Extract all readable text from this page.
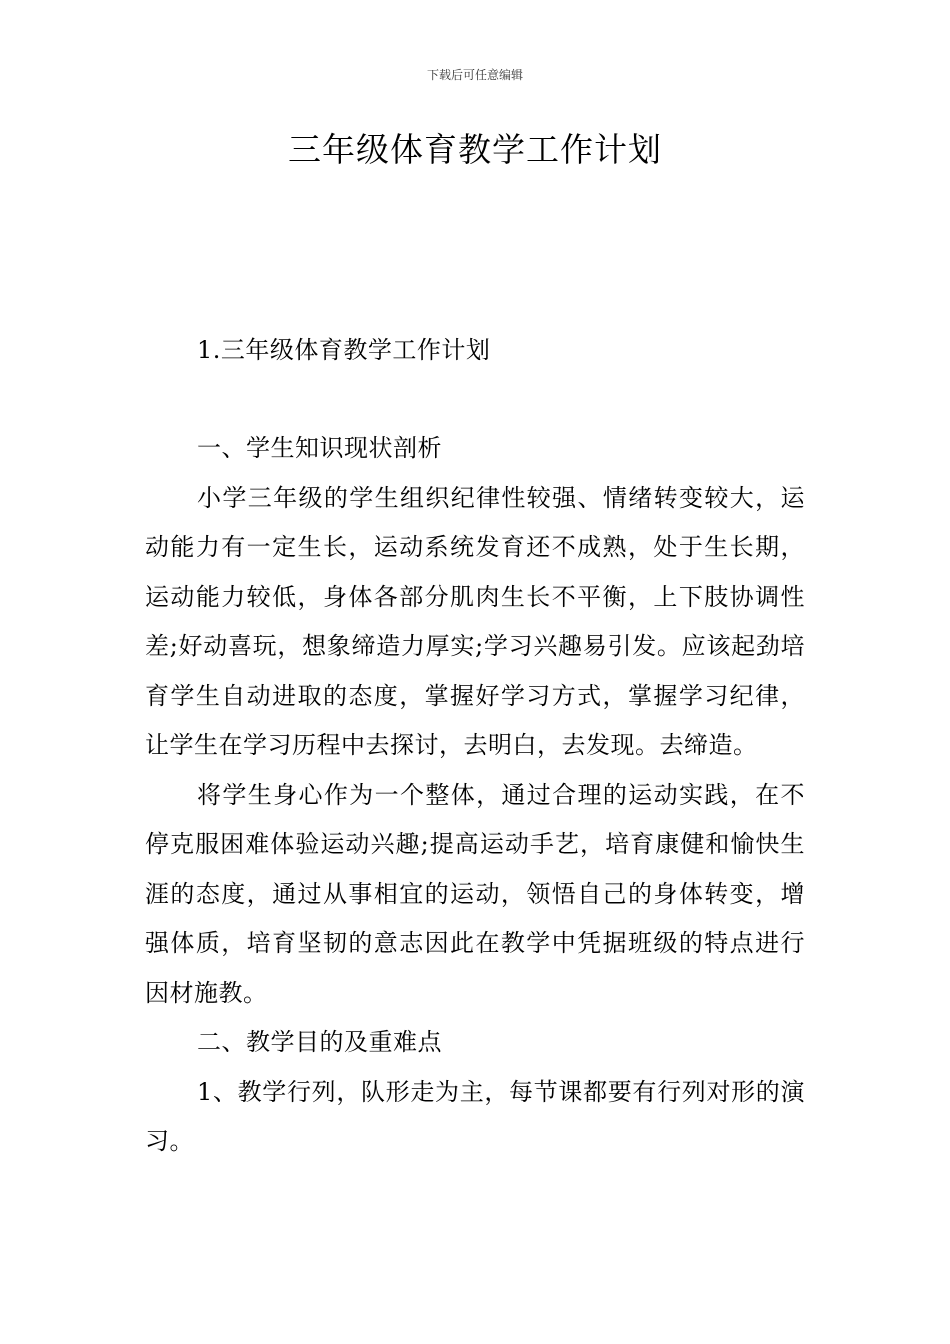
下载后可任意编辑
三年级体育教学工作计划

1.三年级体育教学工作计划

一、学生知识现状剖析

小学三年级的学生组织纪律性较强、情绪转变较大，运动能力有一定生长，运动系统发育还不成熟，处于生长期，运动能力较低，身体各部分肌肉生长不平衡，上下肢协调性差;好动喜玩，想象缔造力厚实;学习兴趣易引发。应该起劲培育学生自动进取的态度，掌握好学习方式，掌握学习纪律，让学生在学习历程中去探讨，去明白，去发现。去缔造。

将学生身心作为一个整体，通过合理的运动实践，在不停克服困难体验运动兴趣;提高运动手艺，培育康健和愉快生涯的态度，通过从事相宜的运动，领悟自己的身体转变，增强体质，培育坚韧的意志因此在教学中凭据班级的特点进行因材施教。

二、教学目的及重难点

1、教学行列，队形走为主，每节课都要有行列对形的演习。
